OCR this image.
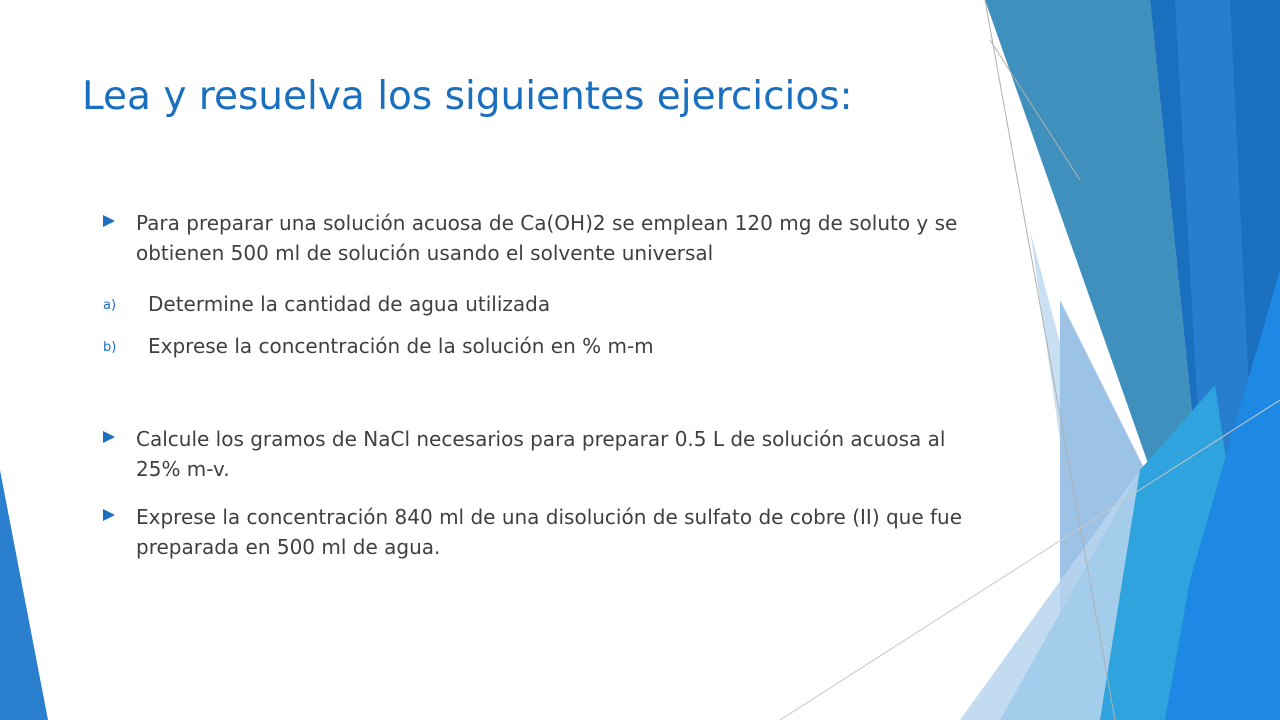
Lea y resuelva los siguientes ejercicios:
Para preparar una solución acuosa de Ca(OH)2 se emplean 120 mg de soluto y se obtienen 500 ml de solución usando el solvente universal
a) Determine la cantidad de agua utilizada
b) Exprese la concentración de la solución en % m-m
Calcule los gramos de NaCl necesarios para preparar 0.5 L de solución acuosa al 25% m-v.
Exprese la concentración 840 ml de una disolución de sulfato de cobre (II) que fue preparada en 500 ml de agua.
